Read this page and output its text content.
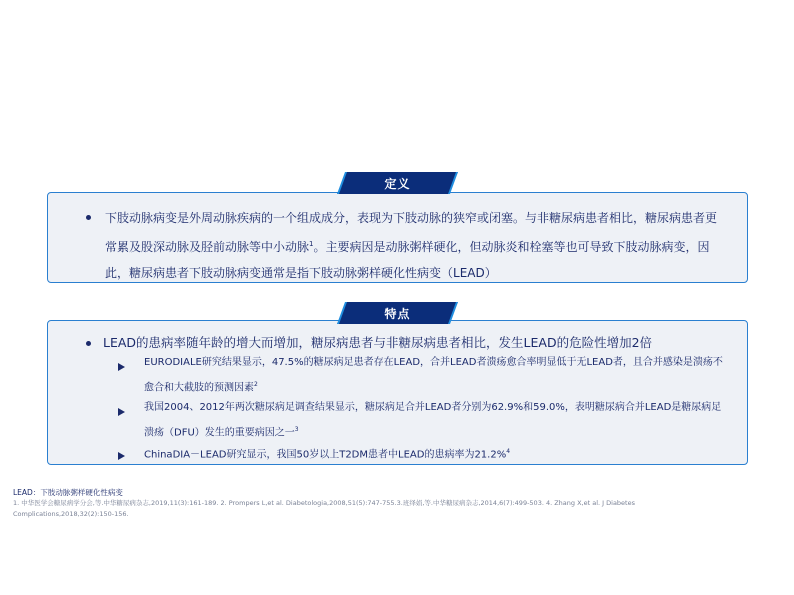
定义
下肢动脉病变是外周动脉疾病的一个组成成分，表现为下肢动脉的狭窄或闭塞。与非糖尿病患者相比，糖尿病患者更常累及股深动脉及胫前动脉等中小动脉$^1$。主要病因是动脉粥样硬化，但动脉炎和栓塞等也可导致下肢动脉病变，因此，糖尿病患者下肢动脉病变通常是指下肢动脉粥样硬化性病变（LEAD）
特点
LEAD的患病率随年龄的增大而增加，糖尿病患者与非糖尿病患者相比，发生LEAD的危险性增加2倍
EURODIALE研究结果显示，47.5%的糖尿病足患者存在LEAD，合并LEAD者溃疡愈合率明显低于无LEAD者，且合并感染是溃疡不愈合和大截肢的预测因素$^2$
我国2004、2012年两次糖尿病足调查结果显示，糖尿病足合并LEAD者分别为62.9%和59.0%，表明糖尿病合并LEAD是糖尿病足溃疡（DFU）发生的重要病因之一$^3$
ChinaDIA－LEAD研究显示，我国50岁以上T2DM患者中LEAD的患病率为21.2%$^4$
LEAD：下肢动脉粥样硬化性病变
1. 中华医学会糖尿病学分会,等.中华糖尿病杂志,2019,11(3):161-189. 2. Prompers L,et al. Diabetologia,2008,51(5):747-755.3.班绎娟,等.中华糖尿病杂志,2014,6(7):499-503. 4. Zhang X,et al. J Diabetes Complications,2018,32(2):150-156.
